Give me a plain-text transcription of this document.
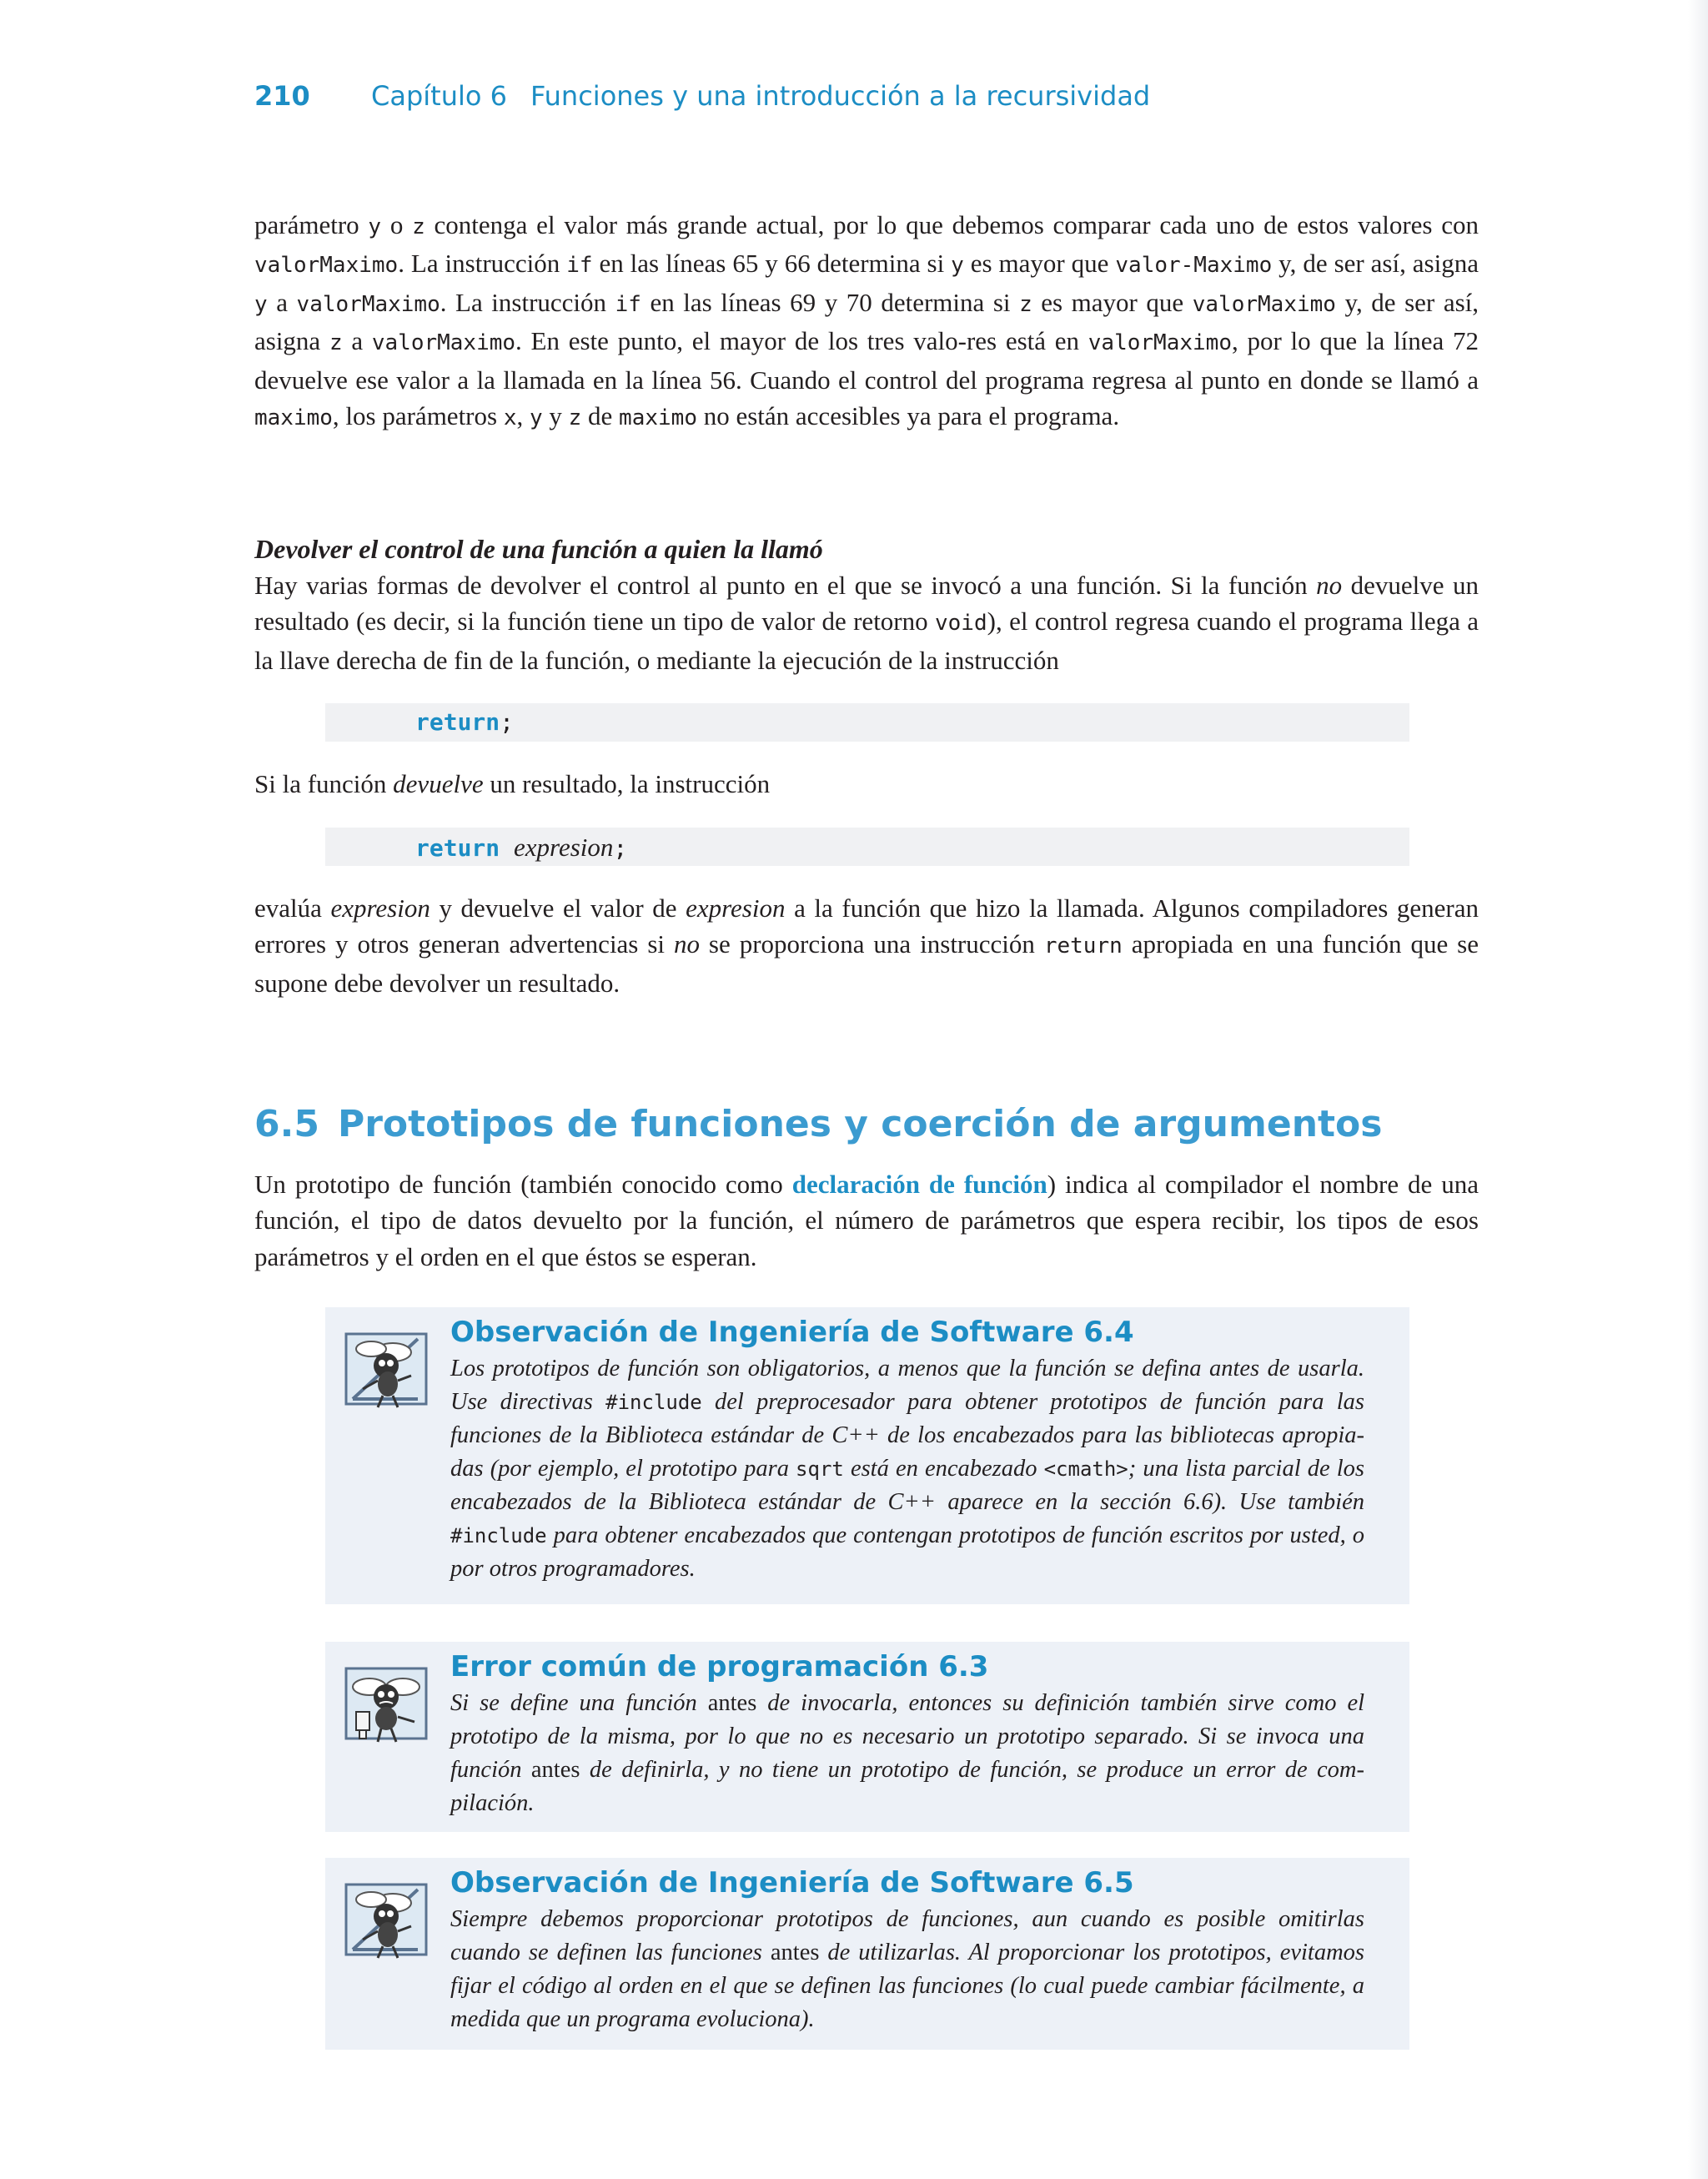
210	Capítulo 6 Funciones y una introducción a la recursividad

parámetro y o z contenga el valor más grande actual, por lo que debemos comparar cada uno de estos valores con valorMaximo. La instrucción if en las líneas 65 y 66 determina si y es mayor que valor-Maximo y, de ser así, asigna y a valorMaximo. La instrucción if en las líneas 69 y 70 determina si z es mayor que valorMaximo y, de ser así, asigna z a valorMaximo. En este punto, el mayor de los tres valo-res está en valorMaximo, por lo que la línea 72 devuelve ese valor a la llamada en la línea 56. Cuando el control del programa regresa al punto en donde se llamó a maximo, los parámetros x, y y z de maximo no están accesibles ya para el programa.

Devolver el control de una función a quien la llamó

Hay varias formas de devolver el control al punto en el que se invocó a una función. Si la función no devuelve un resultado (es decir, si la función tiene un tipo de valor de retorno void), el control regresa cuando el programa llega a la llave derecha de fin de la función, o mediante la ejecución de la instrucción

return;

Si la función devuelve un resultado, la instrucción

return expresion;

evalúa expresion y devuelve el valor de expresion a la función que hizo la llamada. Algunos compiladores generan errores y otros generan advertencias si no se proporciona una instrucción return apropiada en una función que se supone debe devolver un resultado.

6.5 Prototipos de funciones y coerción de argumentos

Un prototipo de función (también conocido como declaración de función) indica al compilador el nombre de una función, el tipo de datos devuelto por la función, el número de parámetros que espera recibir, los tipos de esos parámetros y el orden en el que éstos se esperan.

Observación de Ingeniería de Software 6.4
Los prototipos de función son obligatorios, a menos que la función se defina antes de usarla. Use directivas #include del preprocesador para obtener prototipos de función para las funciones de la Biblioteca estándar de C++ de los encabezados para las bibliotecas apropia-das (por ejemplo, el prototipo para sqrt está en encabezado <cmath>; una lista parcial de los encabezados de la Biblioteca estándar de C++ aparece en la sección 6.6). Use también #include para obtener encabezados que contengan prototipos de función escritos por usted, o por otros programadores.
Error común de programación 6.3
Si se define una función antes de invocarla, entonces su definición también sirve como el prototipo de la misma, por lo que no es necesario un prototipo separado. Si se invoca una función antes de definirla, y no tiene un prototipo de función, se produce un error de com-pilación.
Observación de Ingeniería de Software 6.5
Siempre debemos proporcionar prototipos de funciones, aun cuando es posible omitirlas cuando se definen las funciones antes de utilizarlas. Al proporcionar los prototipos, evitamos fijar el código al orden en el que se definen las funciones (lo cual puede cambiar fácilmente, a medida que un programa evoluciona).
